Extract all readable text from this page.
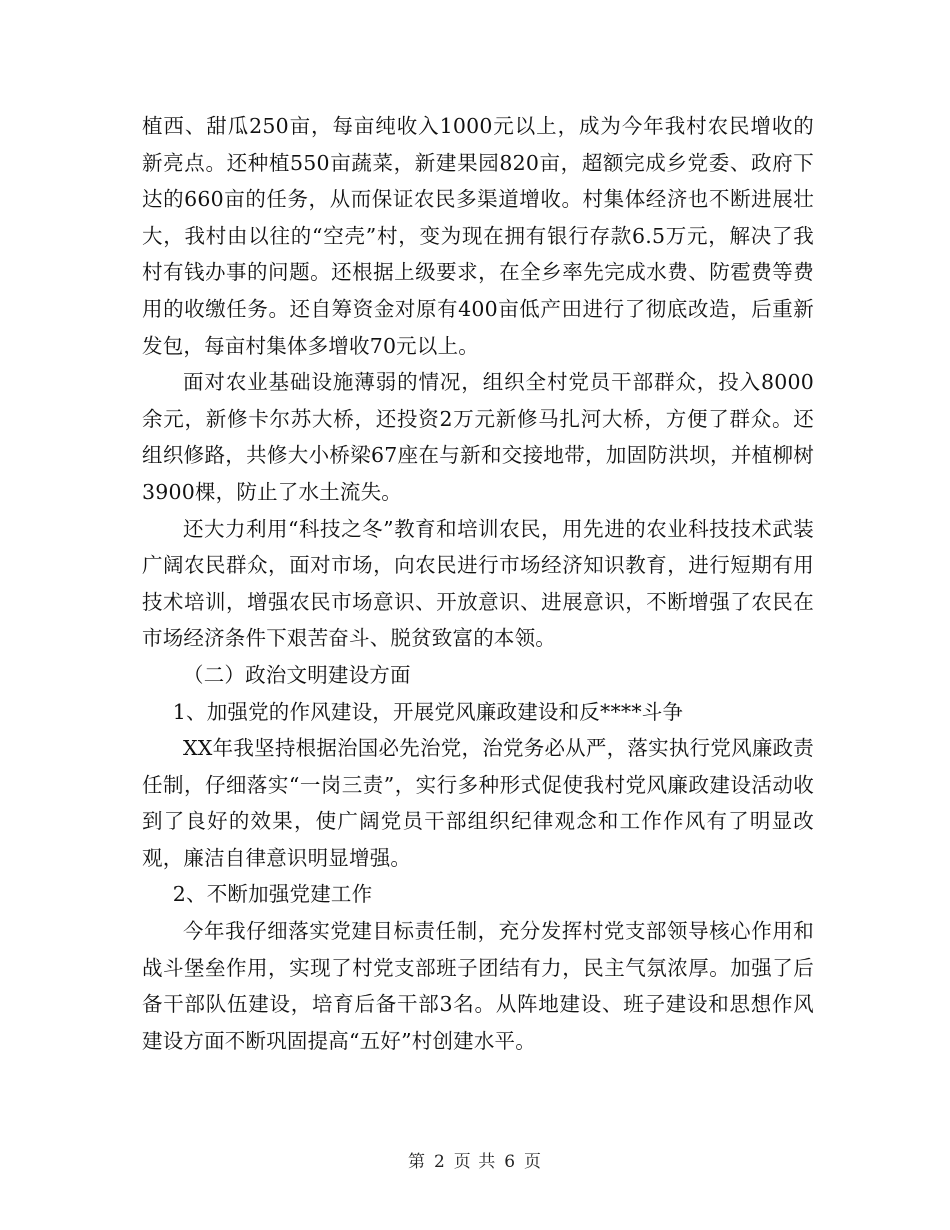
植西、甜瓜250亩，每亩纯收入1000元以上，成为今年我村农民增收的新亮点。还种植550亩蔬菜，新建果园820亩，超额完成乡党委、政府下达的660亩的任务，从而保证农民多渠道增收。村集体经济也不断进展壮大，我村由以往的“空壳”村，变为现在拥有银行存款6.5万元，解决了我村有钱办事的问题。还根据上级要求，在全乡率先完成水费、防雹费等费用的收缴任务。还自筹资金对原有400亩低产田进行了彻底改造，后重新发包，每亩村集体多增收70元以上。

面对农业基础设施薄弱的情况，组织全村党员干部群众，投入8000余元，新修卡尔苏大桥，还投资2万元新修马扎河大桥，方便了群众。还组织修路，共修大小桥梁67座在与新和交接地带，加固防洪坝，并植柳树3900棵，防止了水土流失。

还大力利用“科技之冬”教育和培训农民，用先进的农业科技技术武装广阔农民群众，面对市场，向农民进行市场经济知识教育，进行短期有用技术培训，增强农民市场意识、开放意识、进展意识，不断增强了农民在市场经济条件下艰苦奋斗、脱贫致富的本领。

（二）政治文明建设方面

1、加强党的作风建设，开展党风廉政建设和反****斗争

XX年我坚持根据治国必先治党，治党务必从严，落实执行党风廉政责任制，仔细落实“一岗三责”，实行多种形式促使我村党风廉政建设活动收到了良好的效果，使广阔党员干部组织纪律观念和工作作风有了明显改观，廉洁自律意识明显增强。

2、不断加强党建工作

今年我仔细落实党建目标责任制，充分发挥村党支部领导核心作用和战斗堡垒作用，实现了村党支部班子团结有力，民主气氛浓厚。加强了后备干部队伍建设，培育后备干部3名。从阵地建设、班子建设和思想作风建设方面不断巩固提高“五好”村创建水平。

第 2 页 共 6 页
